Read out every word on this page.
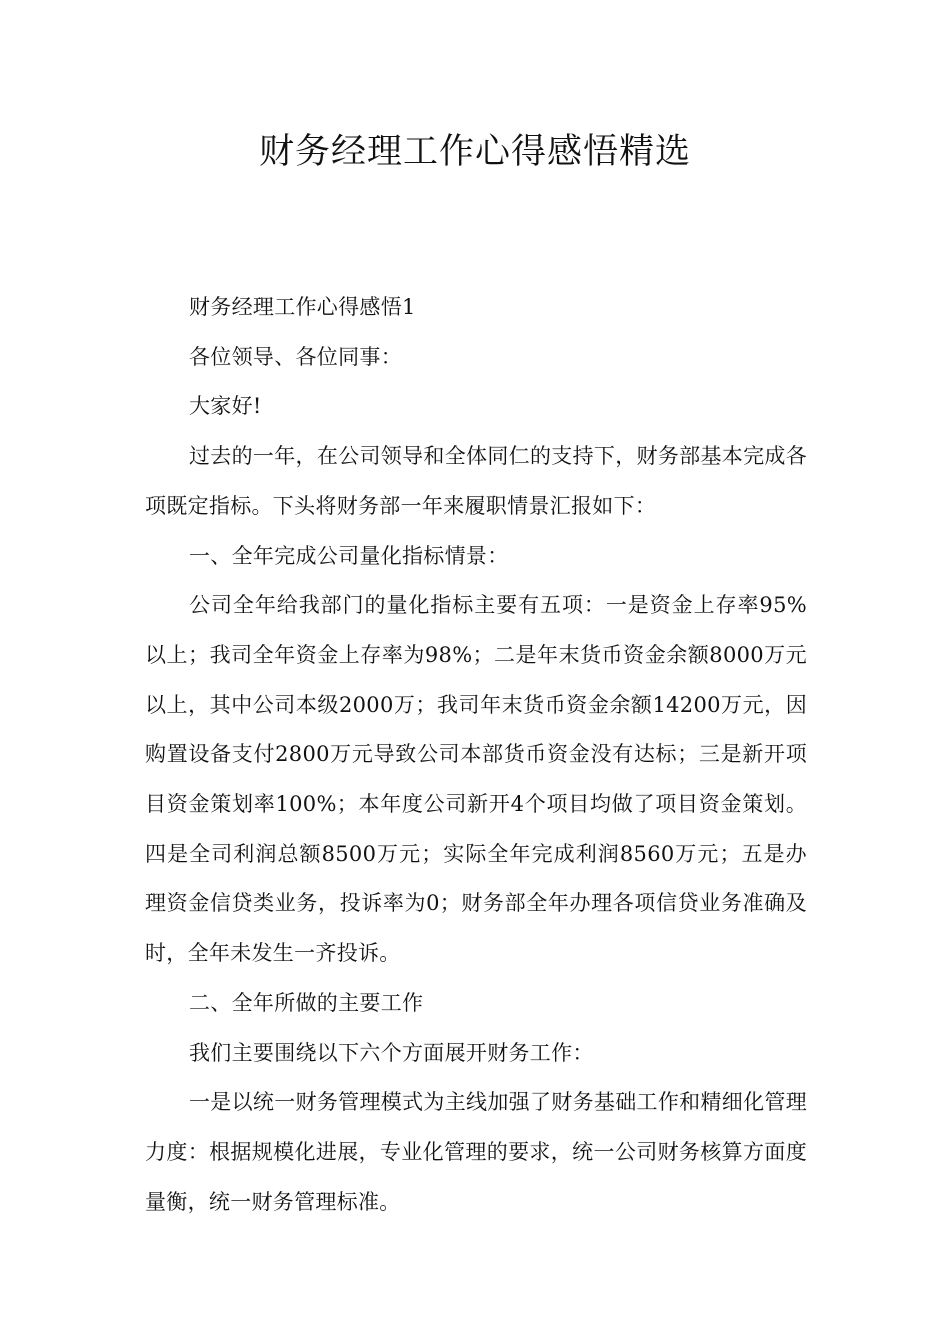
财务经理工作心得感悟精选

财务经理工作心得感悟1

各位领导、各位同事：

大家好!

过去的一年，在公司领导和全体同仁的支持下，财务部基本完成各项既定指标。下头将财务部一年来履职情景汇报如下：

一、全年完成公司量化指标情景：

公司全年给我部门的量化指标主要有五项：一是资金上存率95%以上；我司全年资金上存率为98%；二是年末货币资金余额8000万元以上，其中公司本级2000万；我司年末货币资金余额14200万元，因购置设备支付2800万元导致公司本部货币资金没有达标；三是新开项目资金策划率100%；本年度公司新开4个项目均做了项目资金策划。四是全司利润总额8500万元；实际全年完成利润8560万元；五是办理资金信贷类业务，投诉率为0；财务部全年办理各项信贷业务准确及时，全年未发生一齐投诉。

二、全年所做的主要工作

我们主要围绕以下六个方面展开财务工作：

一是以统一财务管理模式为主线加强了财务基础工作和精细化管理力度：根据规模化进展，专业化管理的要求，统一公司财务核算方面度量衡，统一财务管理标准。
